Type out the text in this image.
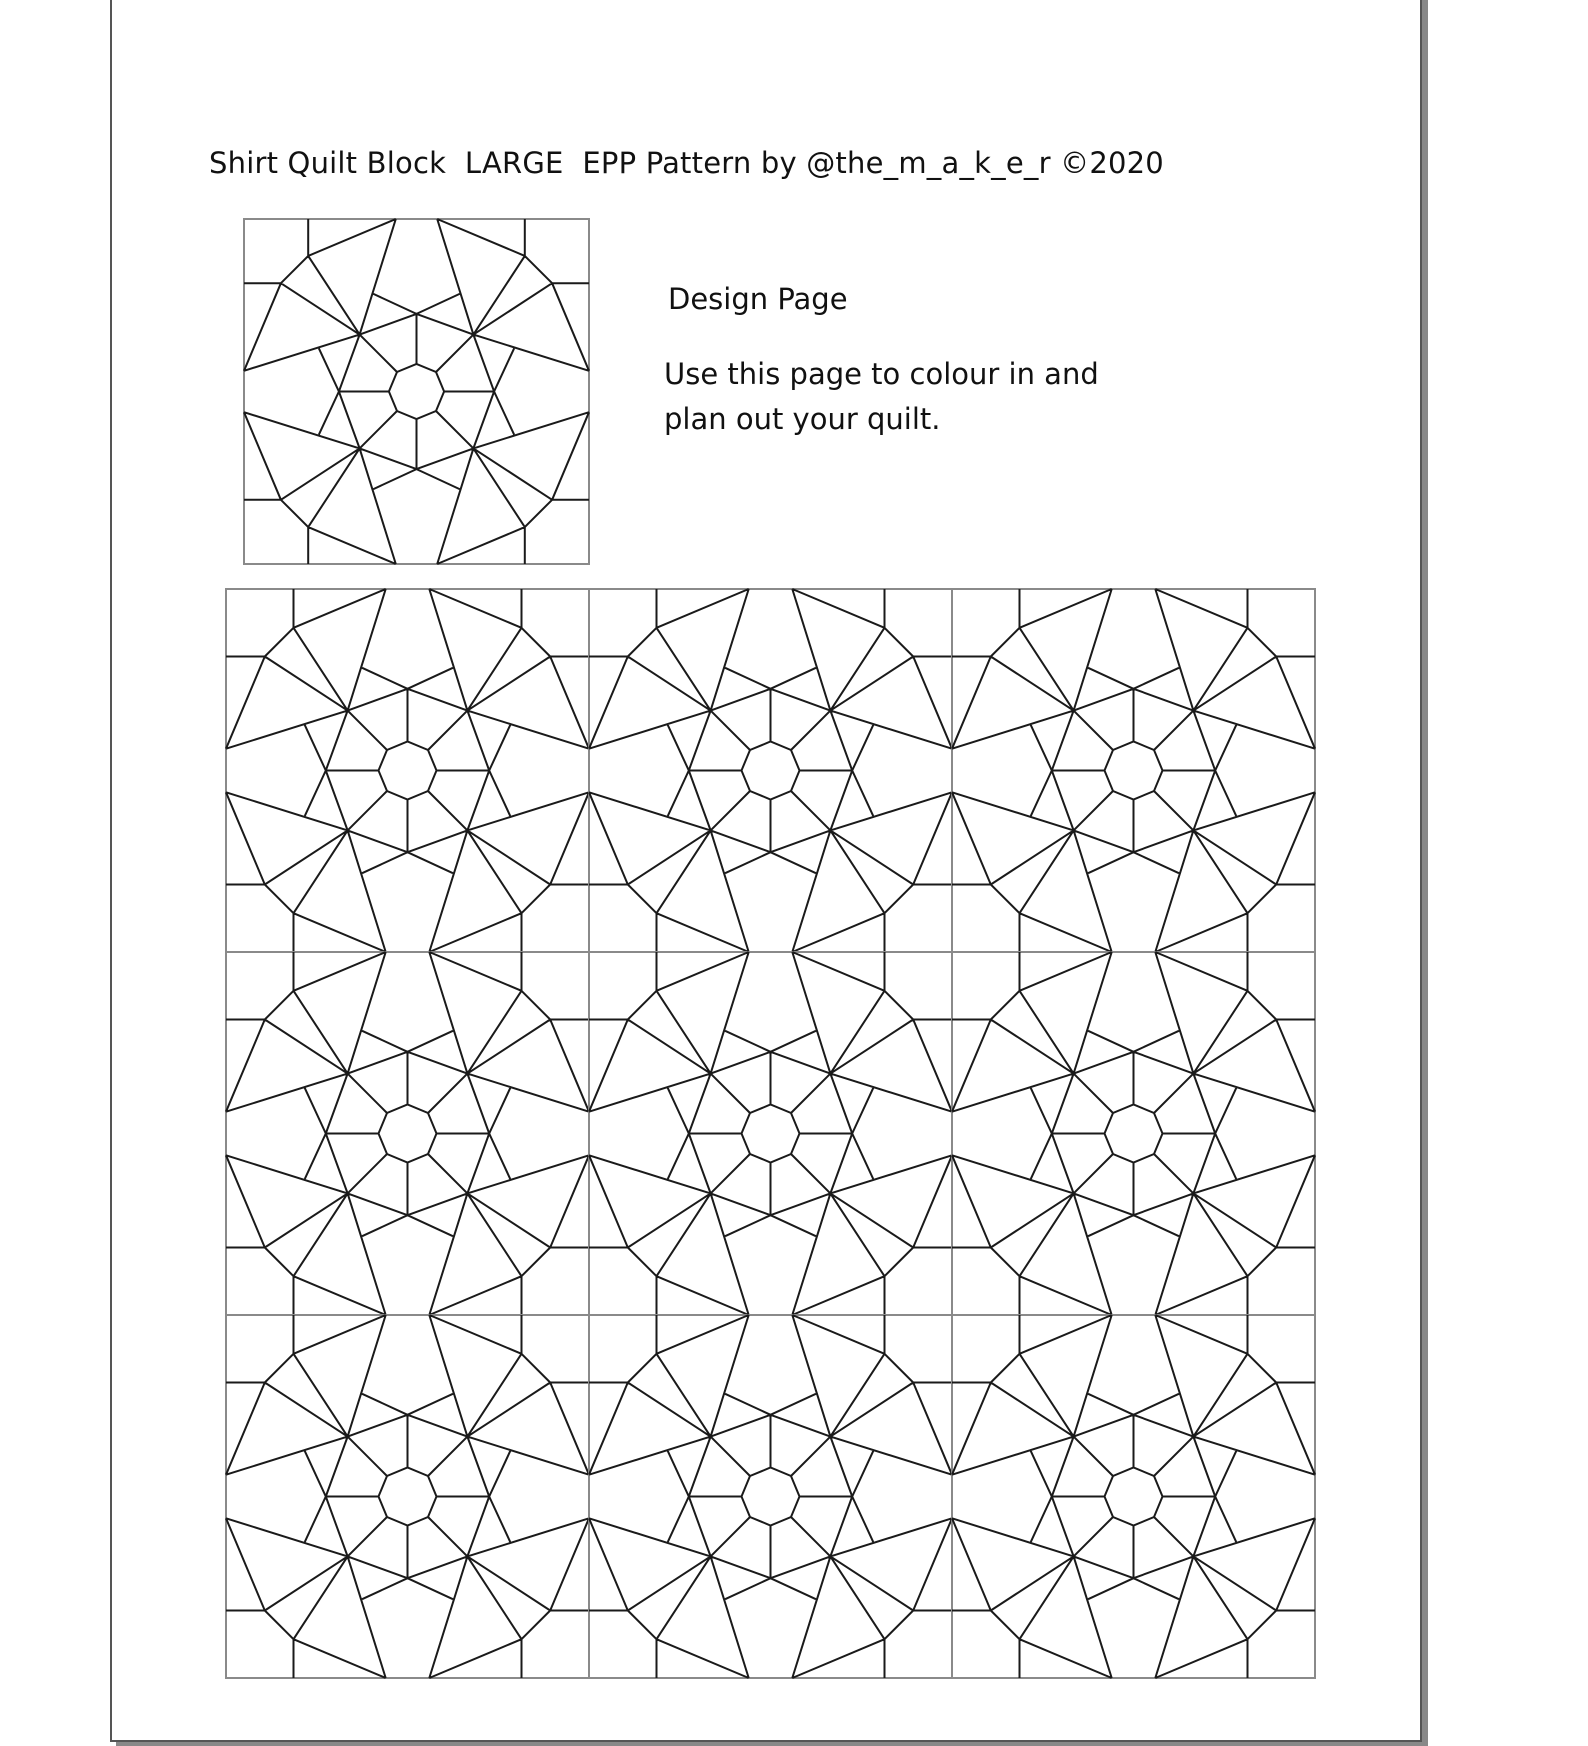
Shirt Quilt Block  LARGE  EPP Pattern by @the_m_a_k_e_r ©2020
Design Page
Use this page to colour in and
plan out your quilt.
